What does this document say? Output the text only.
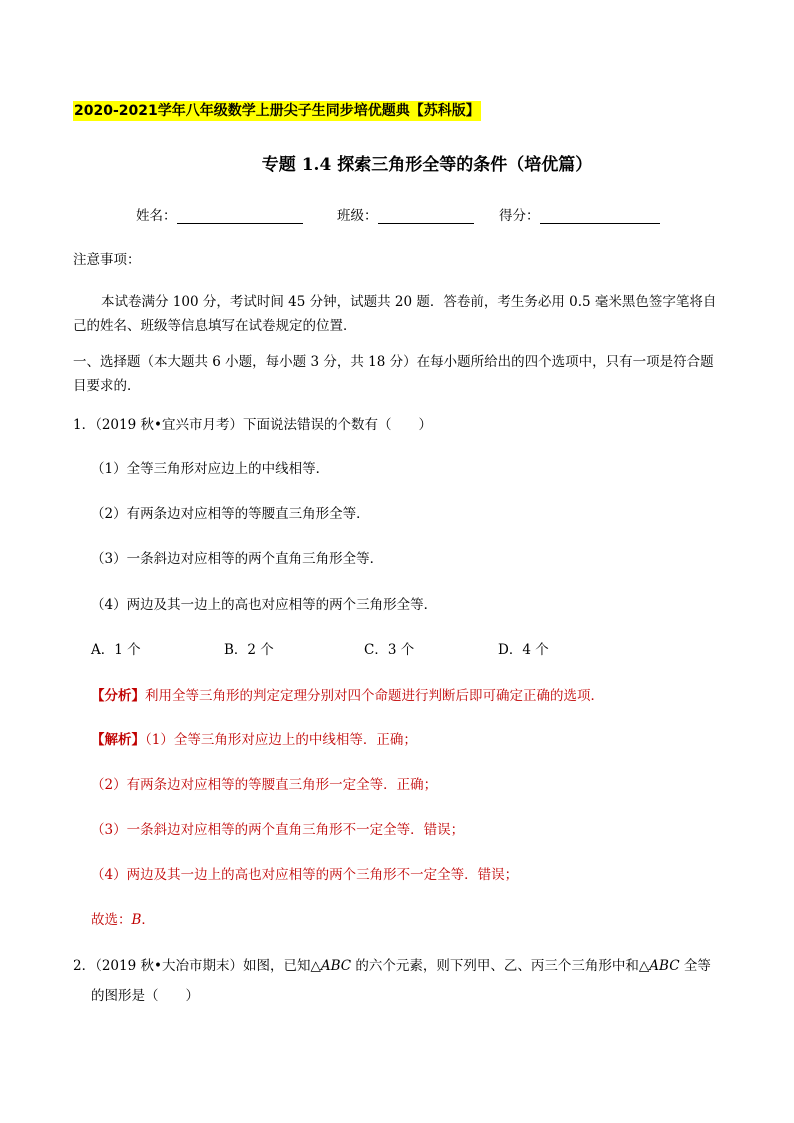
2020-2021学年八年级数学上册尖子生同步培优题典【苏科版】
专题 1.4 探索三角形全等的条件（培优篇）
姓名：	班级：	得分：
注意事项：
本试卷满分 100 分，考试时间 45 分钟，试题共 20 题．答卷前，考生务必用 0.5 毫米黑色签字笔将自
己的姓名、班级等信息填写在试卷规定的位置．
一、选择题（本大题共 6 小题，每小题 3 分，共 18 分）在每小题所给出的四个选项中，只有一项是符合题
目要求的．
1．（2019 秋•宜兴市月考）下面说法错误的个数有（　　）
（1）全等三角形对应边上的中线相等．
（2）有两条边对应相等的等腰直三角形全等．
（3）一条斜边对应相等的两个直角三角形全等．
（4）两边及其一边上的高也对应相等的两个三角形全等．
A．1 个	B．2 个	C．3 个	D．4 个
【分析】利用全等三角形的判定定理分别对四个命题进行判断后即可确定正确的选项．
【解析】（1）全等三角形对应边上的中线相等．正确；
（2）有两条边对应相等的等腰直三角形一定全等．正确；
（3）一条斜边对应相等的两个直角三角形不一定全等．错误；
（4）两边及其一边上的高也对应相等的两个三角形不一定全等．错误；
故选：B．
2．（2019 秋•大冶市期末）如图，已知△ABC 的六个元素，则下列甲、乙、丙三个三角形中和△ABC 全等
的图形是（　　）
